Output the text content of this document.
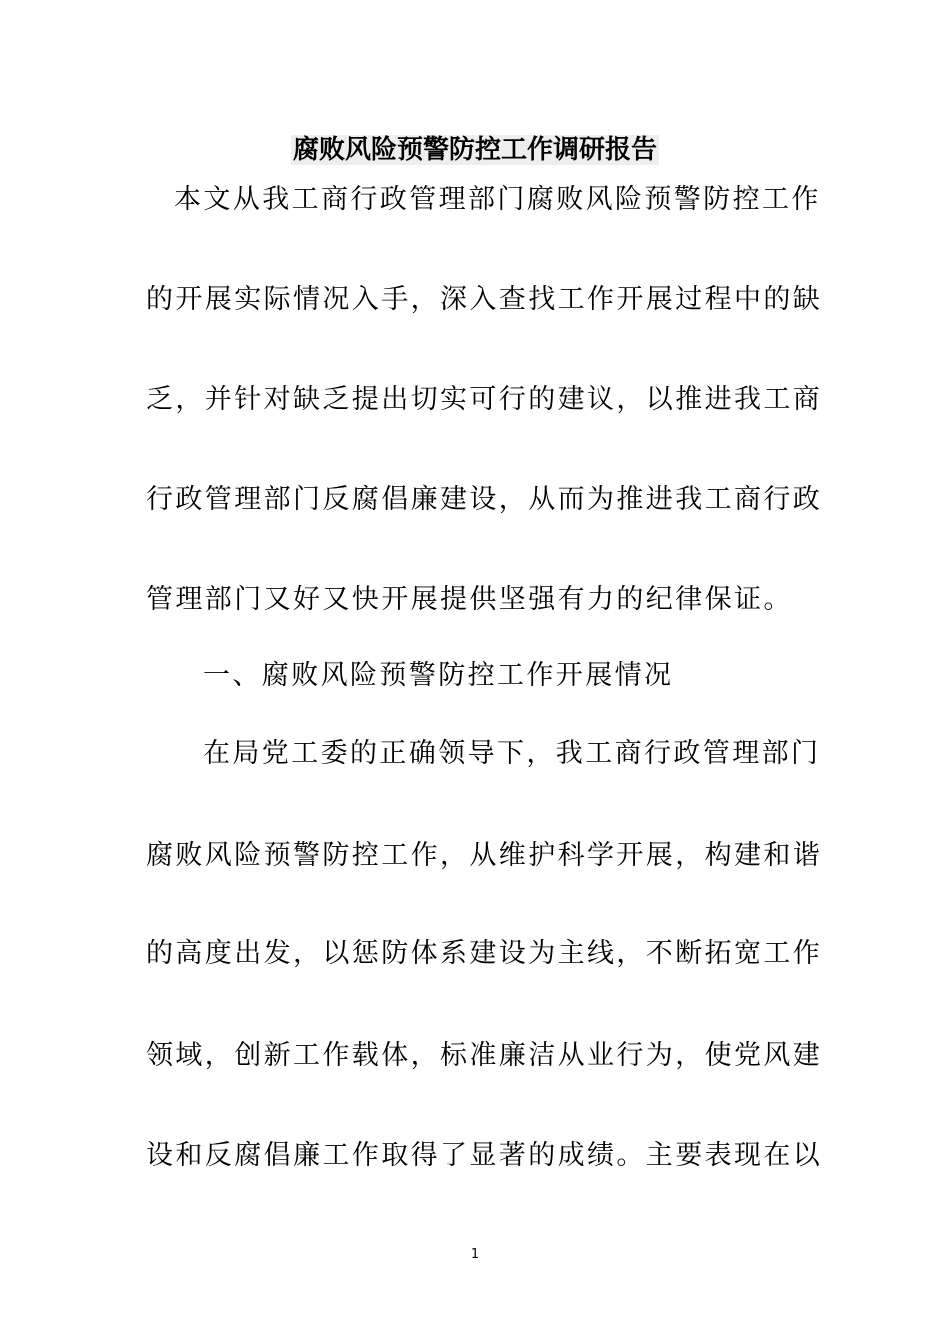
腐败风险预警防控工作调研报告
本文从我工商行政管理部门腐败风险预警防控工作
的开展实际情况入手，深入查找工作开展过程中的缺
乏，并针对缺乏提出切实可行的建议，以推进我工商
行政管理部门反腐倡廉建设，从而为推进我工商行政
管理部门又好又快开展提供坚强有力的纪律保证。
一、腐败风险预警防控工作开展情况
在局党工委的正确领导下，我工商行政管理部门
腐败风险预警防控工作，从维护科学开展，构建和谐
的高度出发，以惩防体系建设为主线，不断拓宽工作
领域，创新工作载体，标准廉洁从业行为，使党风建
设和反腐倡廉工作取得了显著的成绩。主要表现在以
1
